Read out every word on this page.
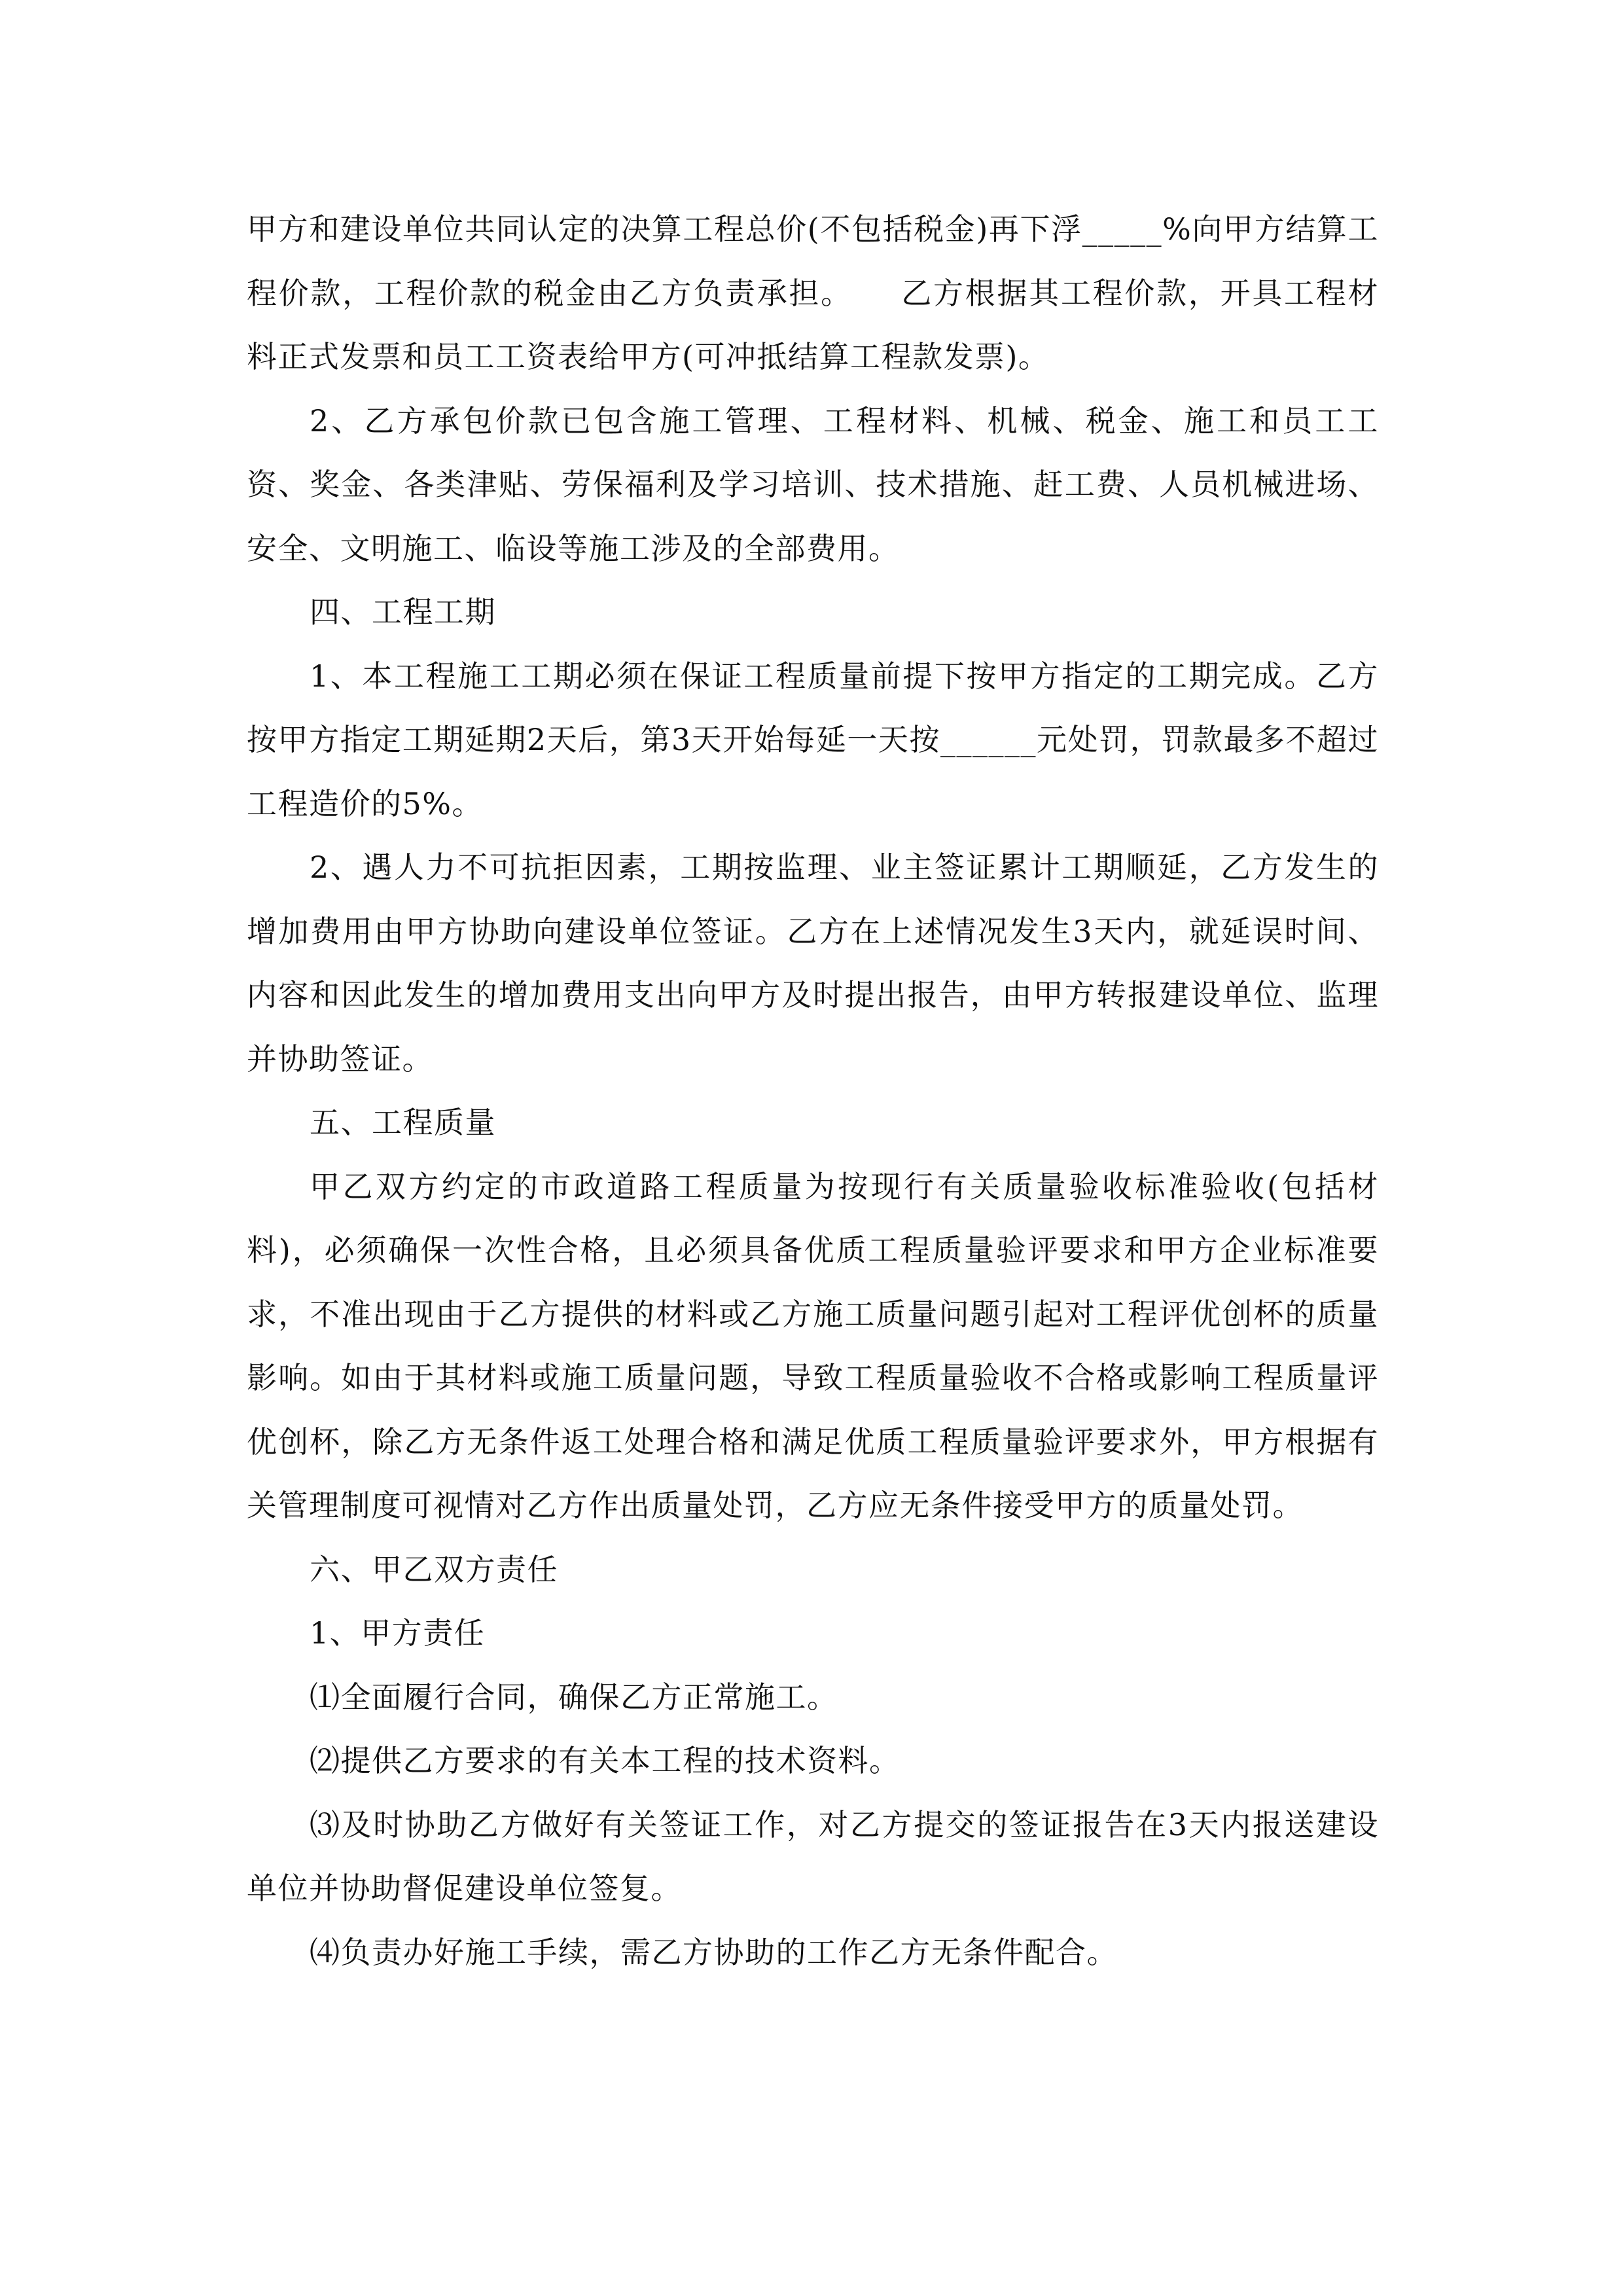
甲方和建设单位共同认定的决算工程总价(不包括税金)再下浮_____%向甲方结算工程价款，工程价款的税金由乙方负责承担。　　乙方根据其工程价款，开具工程材料正式发票和员工工资表给甲方(可冲抵结算工程款发票)。

2、乙方承包价款已包含施工管理、工程材料、机械、税金、施工和员工工资、奖金、各类津贴、劳保福利及学习培训、技术措施、赶工费、人员机械进场、安全、文明施工、临设等施工涉及的全部费用。

四、工程工期

1、本工程施工工期必须在保证工程质量前提下按甲方指定的工期完成。乙方按甲方指定工期延期2天后，第3天开始每延一天按______元处罚，罚款最多不超过工程造价的5%。

2、遇人力不可抗拒因素，工期按监理、业主签证累计工期顺延，乙方发生的增加费用由甲方协助向建设单位签证。乙方在上述情况发生3天内，就延误时间、内容和因此发生的增加费用支出向甲方及时提出报告，由甲方转报建设单位、监理并协助签证。

五、工程质量

甲乙双方约定的市政道路工程质量为按现行有关质量验收标准验收(包括材料)，必须确保一次性合格，且必须具备优质工程质量验评要求和甲方企业标准要求，不准出现由于乙方提供的材料或乙方施工质量问题引起对工程评优创杯的质量影响。如由于其材料或施工质量问题，导致工程质量验收不合格或影响工程质量评优创杯，除乙方无条件返工处理合格和满足优质工程质量验评要求外，甲方根据有关管理制度可视情对乙方作出质量处罚，乙方应无条件接受甲方的质量处罚。

六、甲乙双方责任

1、甲方责任

⑴全面履行合同，确保乙方正常施工。

⑵提供乙方要求的有关本工程的技术资料。

⑶及时协助乙方做好有关签证工作，对乙方提交的签证报告在3天内报送建设单位并协助督促建设单位签复。

⑷负责办好施工手续，需乙方协助的工作乙方无条件配合。
